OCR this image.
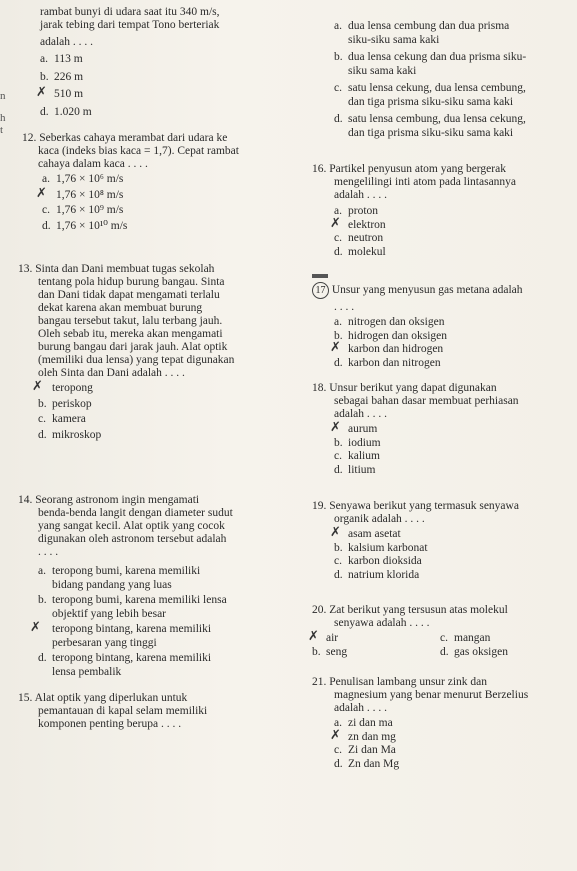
n
h
t
rambat bunyi di udara saat itu 340 m/s,
jarak tebing dari tempat Tono berteriak
adalah . . . .
a. 113 m
b. 226 m
✗ 510 m
d. 1.020 m
12. Seberkas cahaya merambat dari udara ke
kaca (indeks bias kaca = 1,7). Cepat rambat
cahaya dalam kaca . . . .
a. 1,76 × 10⁶ m/s
✗ 1,76 × 10⁸ m/s
c. 1,76 × 10⁹ m/s
d. 1,76 × 10¹⁰ m/s
13. Sinta dan Dani membuat tugas sekolah
tentang pola hidup burung bangau. Sinta
dan Dani tidak dapat mengamati terlalu
dekat karena akan membuat burung
bangau tersebut takut, lalu terbang jauh.
Oleh sebab itu, mereka akan mengamati
burung bangau dari jarak jauh. Alat optik
(memiliki dua lensa) yang tepat digunakan
oleh Sinta dan Dani adalah . . . .
✗ teropong
b. periskop
c. kamera
d. mikroskop
14. Seorang astronom ingin mengamati
benda-benda langit dengan diameter sudut
yang sangat kecil. Alat optik yang cocok
digunakan oleh astronom tersebut adalah
. . . .
a. teropong bumi, karena memiliki
bidang pandang yang luas
b. teropong bumi, karena memiliki lensa
objektif yang lebih besar
✗ teropong bintang, karena memiliki
perbesaran yang tinggi
d. teropong bintang, karena memiliki
lensa pembalik
15. Alat optik yang diperlukan untuk
pemantauan di kapal selam memiliki
komponen penting berupa . . . .
a. dua lensa cembung dan dua prisma
siku-siku sama kaki
b. dua lensa cekung dan dua prisma siku-
siku sama kaki
c. satu lensa cekung, dua lensa cembung,
dan tiga prisma siku-siku sama kaki
d. satu lensa cembung, dua lensa cekung,
dan tiga prisma siku-siku sama kaki
16. Partikel penyusun atom yang bergerak
mengelilingi inti atom pada lintasannya
adalah . . . .
a. proton
✗ elektron
c. neutron
d. molekul
17 Unsur yang menyusun gas metana adalah
. . . .
a. nitrogen dan oksigen
b. hidrogen dan oksigen
✗ karbon dan hidrogen
d. karbon dan nitrogen
18. Unsur berikut yang dapat digunakan
sebagai bahan dasar membuat perhiasan
adalah . . . .
✗ aurum
b. iodium
c. kalium
d. litium
19. Senyawa berikut yang termasuk senyawa
organik adalah . . . .
✗ asam asetat
b. kalsium karbonat
c. karbon dioksida
d. natrium klorida
20. Zat berikut yang tersusun atas molekul
senyawa adalah . . . .
✗ air	c. mangan
b. seng	d. gas oksigen
21. Penulisan lambang unsur zink dan
magnesium yang benar menurut Berzelius
adalah . . . .
a. zi dan ma
✗ zn dan mg
c. Zi dan Ma
d. Zn dan Mg
